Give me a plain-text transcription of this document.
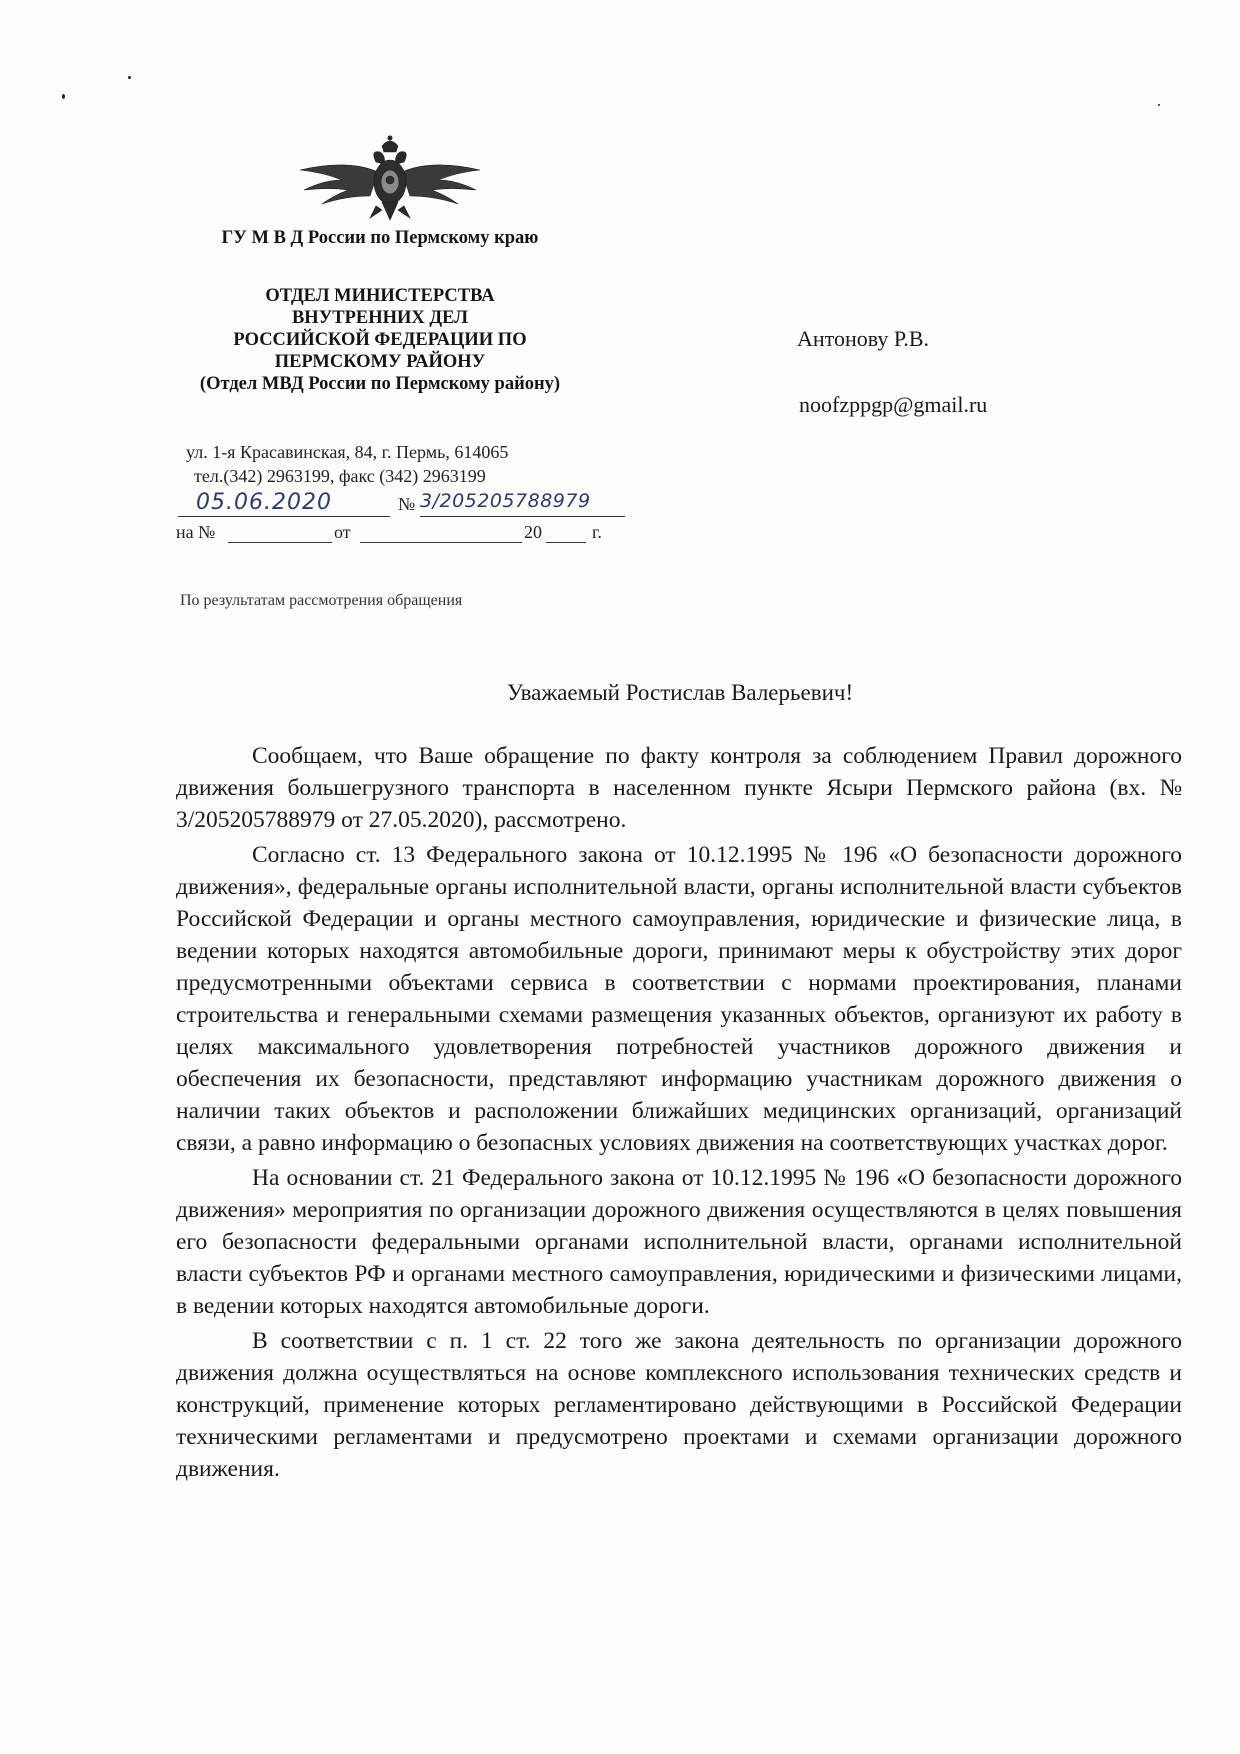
ГУ М В Д России по Пермскому краю
ОТДЕЛ МИНИСТЕРСТВА
ВНУТРЕННИХ ДЕЛ
РОССИЙСКОЙ ФЕДЕРАЦИИ ПО
ПЕРМСКОМУ РАЙОНУ
(Отдел МВД России по Пермскому району)
ул. 1-я Красавинская, 84, г. Пермь, 614065
тел.(342) 2963199, факс (342) 2963199
05.06.2020	№ 3/205205788979
на №	от	20	г.
Антонову Р.В.
noofzppgp@gmail.ru
По результатам рассмотрения обращения
Уважаемый Ростислав Валерьевич!

Сообщаем, что Ваше обращение по факту контроля за соблюдением Правил дорожного движения большегрузного транспорта в населенном пункте Ясыри Пермского района (вх. № 3/205205788979 от 27.05.2020), рассмотрено.

Согласно ст. 13 Федерального закона от 10.12.1995 № 196 «О безопасности дорожного движения», федеральные органы исполнительной власти, органы исполнительной власти субъектов Российской Федерации и органы местного самоуправления, юридические и физические лица, в ведении которых находятся автомобильные дороги, принимают меры к обустройству этих дорог предусмотренными объектами сервиса в соответствии с нормами проектирования, планами строительства и генеральными схемами размещения указанных объектов, организуют их работу в целях максимального удовлетворения потребностей участников дорожного движения и обеспечения их безопасности, представляют информацию участникам дорожного движения о наличии таких объектов и расположении ближайших медицинских организаций, организаций связи, а равно информацию о безопасных условиях движения на соответствующих участках дорог.

На основании ст. 21 Федерального закона от 10.12.1995 № 196 «О безопасности дорожного движения» мероприятия по организации дорожного движения осуществляются в целях повышения его безопасности федеральными органами исполнительной власти, органами исполнительной власти субъектов РФ и органами местного самоуправления, юридическими и физическими лицами, в ведении которых находятся автомобильные дороги.

В соответствии с п. 1 ст. 22 того же закона деятельность по организации дорожного движения должна осуществляться на основе комплексного использования технических средств и конструкций, применение которых регламентировано действующими в Российской Федерации техническими регламентами и предусмотрено проектами и схемами организации дорожного движения.
